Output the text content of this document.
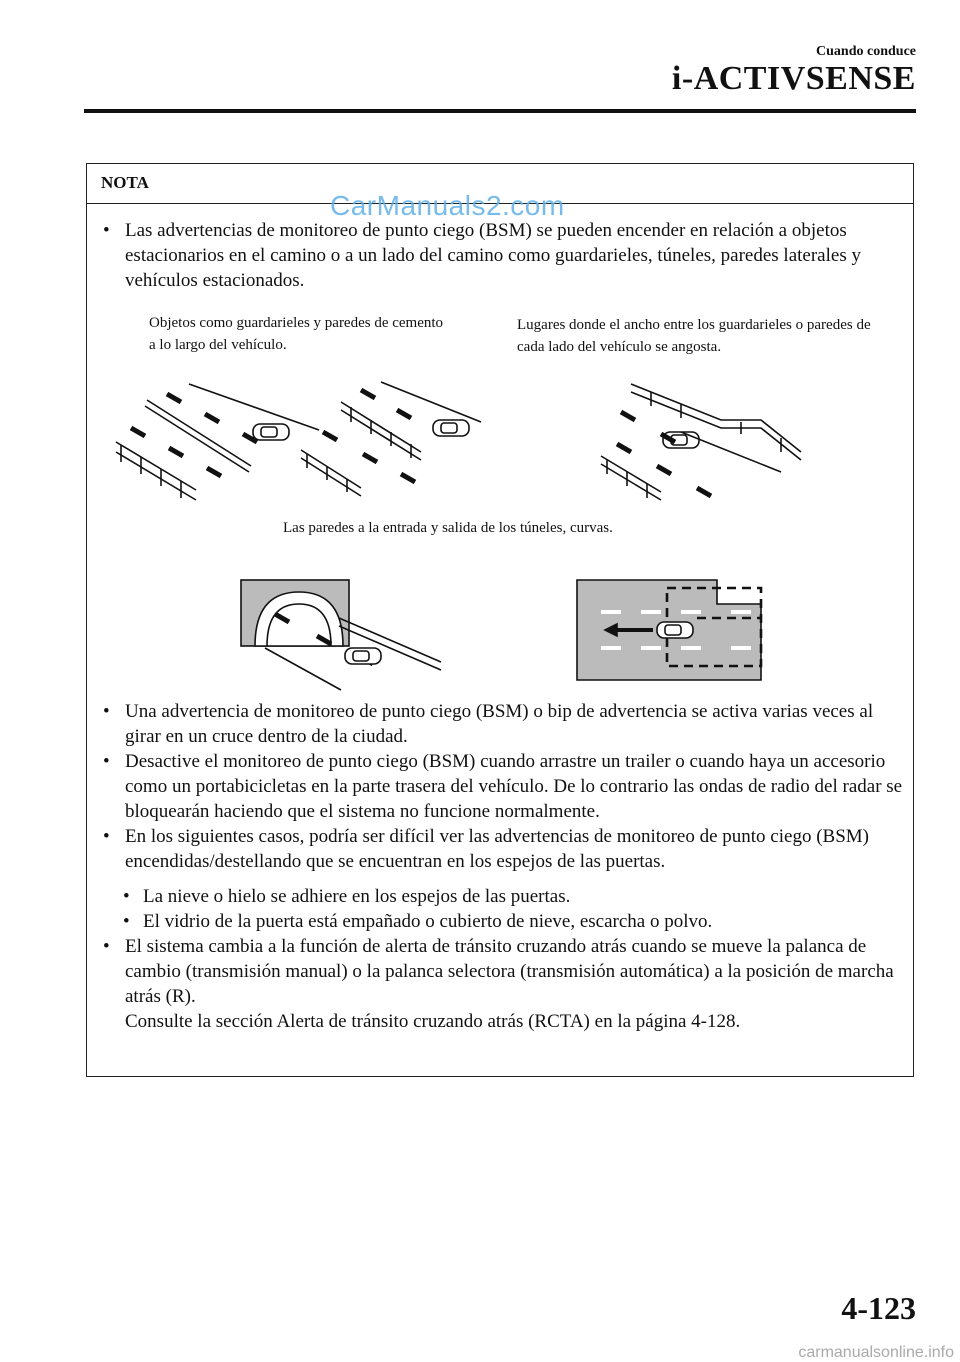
Cuando conduce
i-ACTIVSENSE
NOTA
• Las advertencias de monitoreo de punto ciego (BSM) se pueden encender en relación a objetos estacionarios en el camino o a un lado del camino como guardarieles, túneles, paredes laterales y vehículos estacionados.
Objetos como guardarieles y paredes de cemento a lo largo del vehículo.
Lugares donde el ancho entre los guardarieles o paredes de cada lado del vehículo se angosta.
Las paredes a la entrada y salida de los túneles, curvas.
• Una advertencia de monitoreo de punto ciego (BSM) o bip de advertencia se activa varias veces al girar en un cruce dentro de la ciudad.
• Desactive el monitoreo de punto ciego (BSM) cuando arrastre un trailer o cuando haya un accesorio como un portabicicletas en la parte trasera del vehículo. De lo contrario las ondas de radio del radar se bloquearán haciendo que el sistema no funcione normalmente.
• En los siguientes casos, podría ser difícil ver las advertencias de monitoreo de punto ciego (BSM) encendidas/destellando que se encuentran en los espejos de las puertas.
• La nieve o hielo se adhiere en los espejos de las puertas.
• El vidrio de la puerta está empañado o cubierto de nieve, escarcha o polvo.
• El sistema cambia a la función de alerta de tránsito cruzando atrás cuando se mueve la palanca de cambio (transmisión manual) o la palanca selectora (transmisión automática) a la posición de marcha atrás (R).
Consulte la sección Alerta de tránsito cruzando atrás (RCTA) en la página 4-128.
CarManuals2.com
4-123
carmanualsonline.info
